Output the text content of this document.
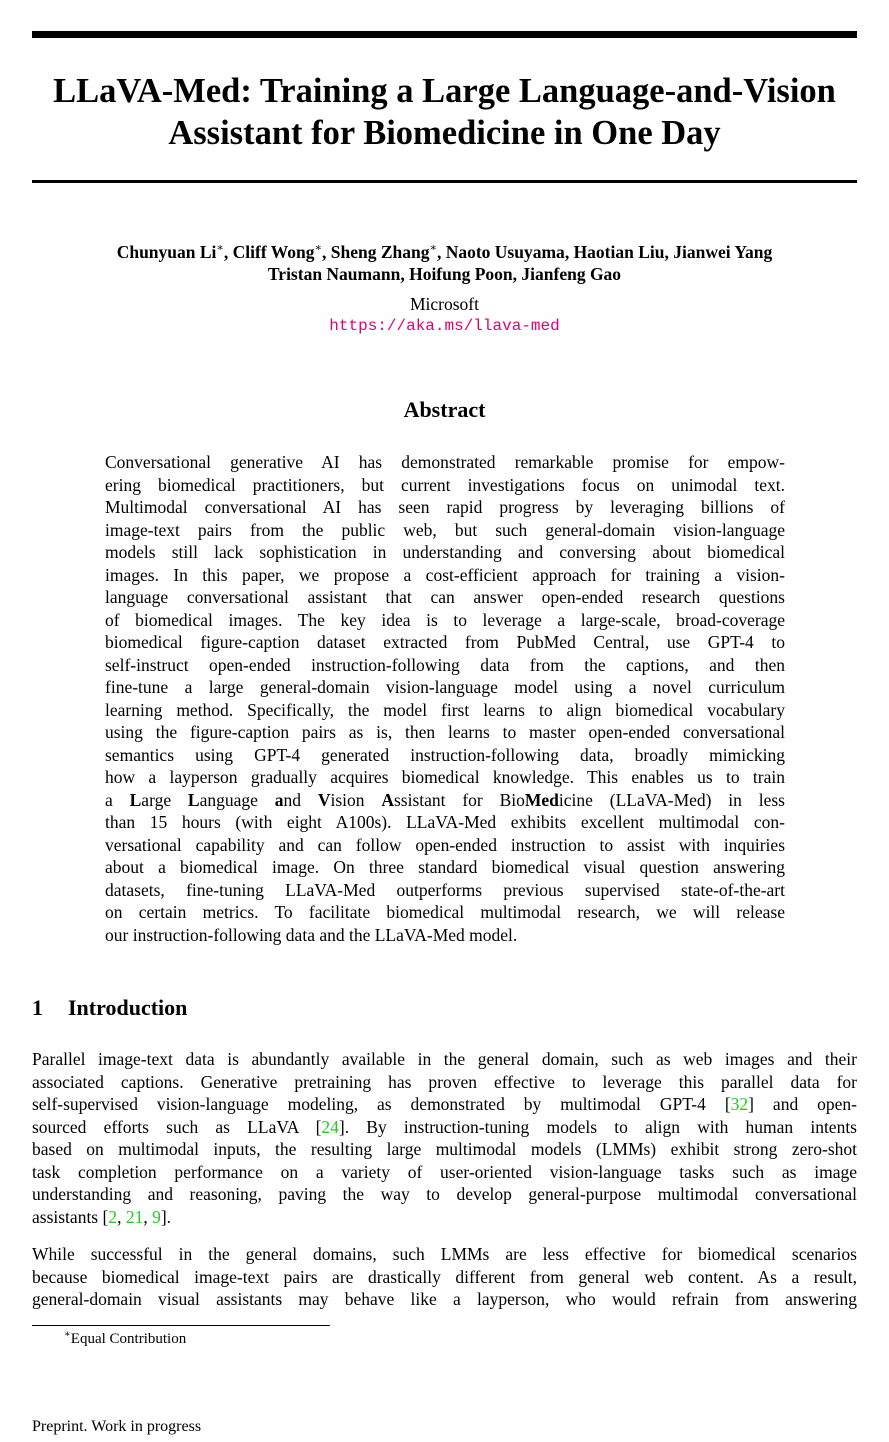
LLaVA-Med: Training a Large Language-and-Vision
Assistant for Biomedicine in One Day
Chunyuan Li∗, Cliff Wong∗, Sheng Zhang∗, Naoto Usuyama, Haotian Liu, Jianwei Yang
Tristan Naumann, Hoifung Poon, Jianfeng Gao
Microsoft
https://aka.ms/llava-med
Abstract
Conversational generative AI has demonstrated remarkable promise for empow-
ering biomedical practitioners, but current investigations focus on unimodal text.
Multimodal conversational AI has seen rapid progress by leveraging billions of
image-text pairs from the public web, but such general-domain vision-language
models still lack sophistication in understanding and conversing about biomedical
images. In this paper, we propose a cost-efficient approach for training a vision-
language conversational assistant that can answer open-ended research questions
of biomedical images. The key idea is to leverage a large-scale, broad-coverage
biomedical figure-caption dataset extracted from PubMed Central, use GPT-4 to
self-instruct open-ended instruction-following data from the captions, and then
fine-tune a large general-domain vision-language model using a novel curriculum
learning method. Specifically, the model first learns to align biomedical vocabulary
using the figure-caption pairs as is, then learns to master open-ended conversational
semantics using GPT-4 generated instruction-following data, broadly mimicking
how a layperson gradually acquires biomedical knowledge. This enables us to train
a Large Language and Vision Assistant for BioMedicine (LLaVA-Med) in less
than 15 hours (with eight A100s). LLaVA-Med exhibits excellent multimodal con-
versational capability and can follow open-ended instruction to assist with inquiries
about a biomedical image. On three standard biomedical visual question answering
datasets, fine-tuning LLaVA-Med outperforms previous supervised state-of-the-art
on certain metrics. To facilitate biomedical multimodal research, we will release
our instruction-following data and the LLaVA-Med model.
1 Introduction
Parallel image-text data is abundantly available in the general domain, such as web images and their
associated captions. Generative pretraining has proven effective to leverage this parallel data for
self-supervised vision-language modeling, as demonstrated by multimodal GPT-4 [32] and open-
sourced efforts such as LLaVA [24]. By instruction-tuning models to align with human intents
based on multimodal inputs, the resulting large multimodal models (LMMs) exhibit strong zero-shot
task completion performance on a variety of user-oriented vision-language tasks such as image
understanding and reasoning, paving the way to develop general-purpose multimodal conversational
assistants [2, 21, 9].
While successful in the general domains, such LMMs are less effective for biomedical scenarios
because biomedical image-text pairs are drastically different from general web content. As a result,
general-domain visual assistants may behave like a layperson, who would refrain from answering
∗Equal Contribution
Preprint. Work in progress
